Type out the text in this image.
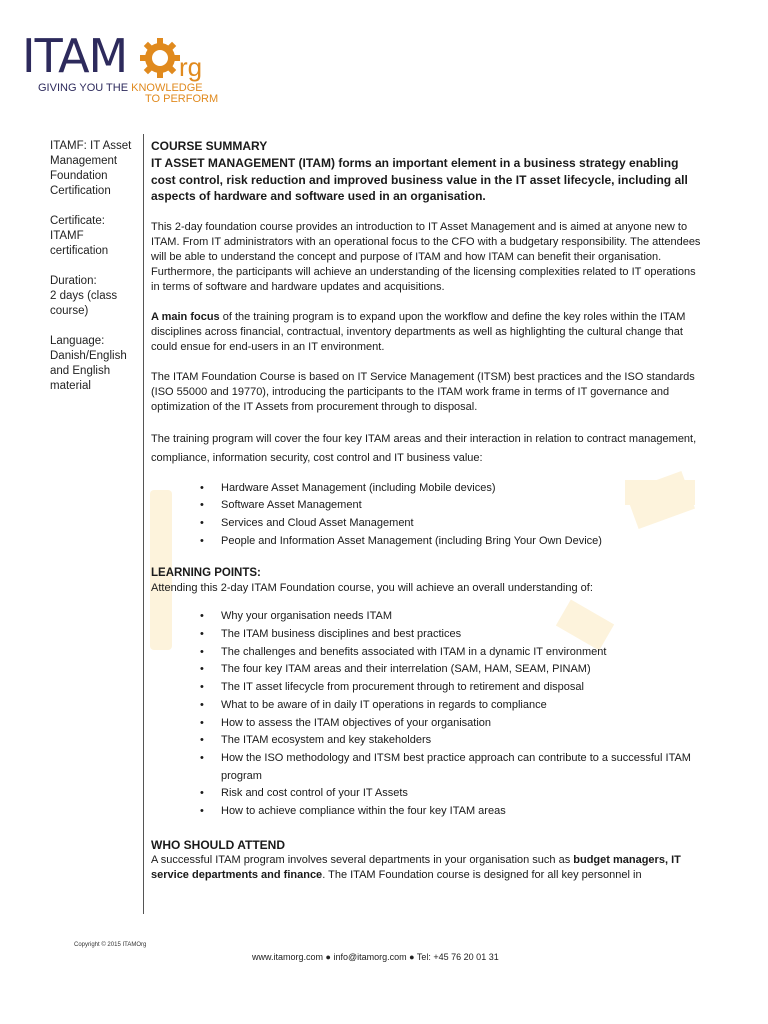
ITAM rg
GIVING YOU THE KNOWLEDGE
TO PERFORM
ITAMF: IT Asset Management Foundation Certification
Certificate:
ITAMF certification
Duration:
2 days (class course)
Language:
Danish/English and English material
COURSE SUMMARY
IT ASSET MANAGEMENT (ITAM) forms an important element in a business strategy enabling cost control, risk reduction and improved business value in the IT asset lifecycle, including all aspects of hardware and software used in an organisation.
This 2-day foundation course provides an introduction to IT Asset Management and is aimed at anyone new to ITAM. From IT administrators with an operational focus to the CFO with a budgetary responsibility. The attendees will be able to understand the concept and purpose of ITAM and how ITAM can benefit their organisation. Furthermore, the participants will achieve an understanding of the licensing complexities related to IT operations in terms of software and hardware updates and acquisitions.
A main focus of the training program is to expand upon the workflow and define the key roles within the ITAM disciplines across financial, contractual, inventory departments as well as highlighting the cultural change that could ensue for end-users in an IT environment.
The ITAM Foundation Course is based on IT Service Management (ITSM) best practices and the ISO standards (ISO 55000 and 19770), introducing the participants to the ITAM work frame in terms of IT governance and optimization of the IT Assets from procurement through to disposal.
The training program will cover the four key ITAM areas and their interaction in relation to contract management, compliance, information security, cost control and IT business value:
• Hardware Asset Management (including Mobile devices)
• Software Asset Management
• Services and Cloud Asset Management
• People and Information Asset Management (including Bring Your Own Device)
LEARNING POINTS:
Attending this 2-day ITAM Foundation course, you will achieve an overall understanding of:
• Why your organisation needs ITAM
• The ITAM business disciplines and best practices
• The challenges and benefits associated with ITAM in a dynamic IT environment
• The four key ITAM areas and their interrelation (SAM, HAM, SEAM, PINAM)
• The IT asset lifecycle from procurement through to retirement and disposal
• What to be aware of in daily IT operations in regards to compliance
• How to assess the ITAM objectives of your organisation
• The ITAM ecosystem and key stakeholders
• How the ISO methodology and ITSM best practice approach can contribute to a successful ITAM program
• Risk and cost control of your IT Assets
• How to achieve compliance within the four key ITAM areas
WHO SHOULD ATTEND
A successful ITAM program involves several departments in your organisation such as budget managers, IT service departments and finance. The ITAM Foundation course is designed for all key personnel in
Copyright © 2015 ITAMOrg
www.itamorg.com ● info@itamorg.com ● Tel: +45 76 20 01 31
